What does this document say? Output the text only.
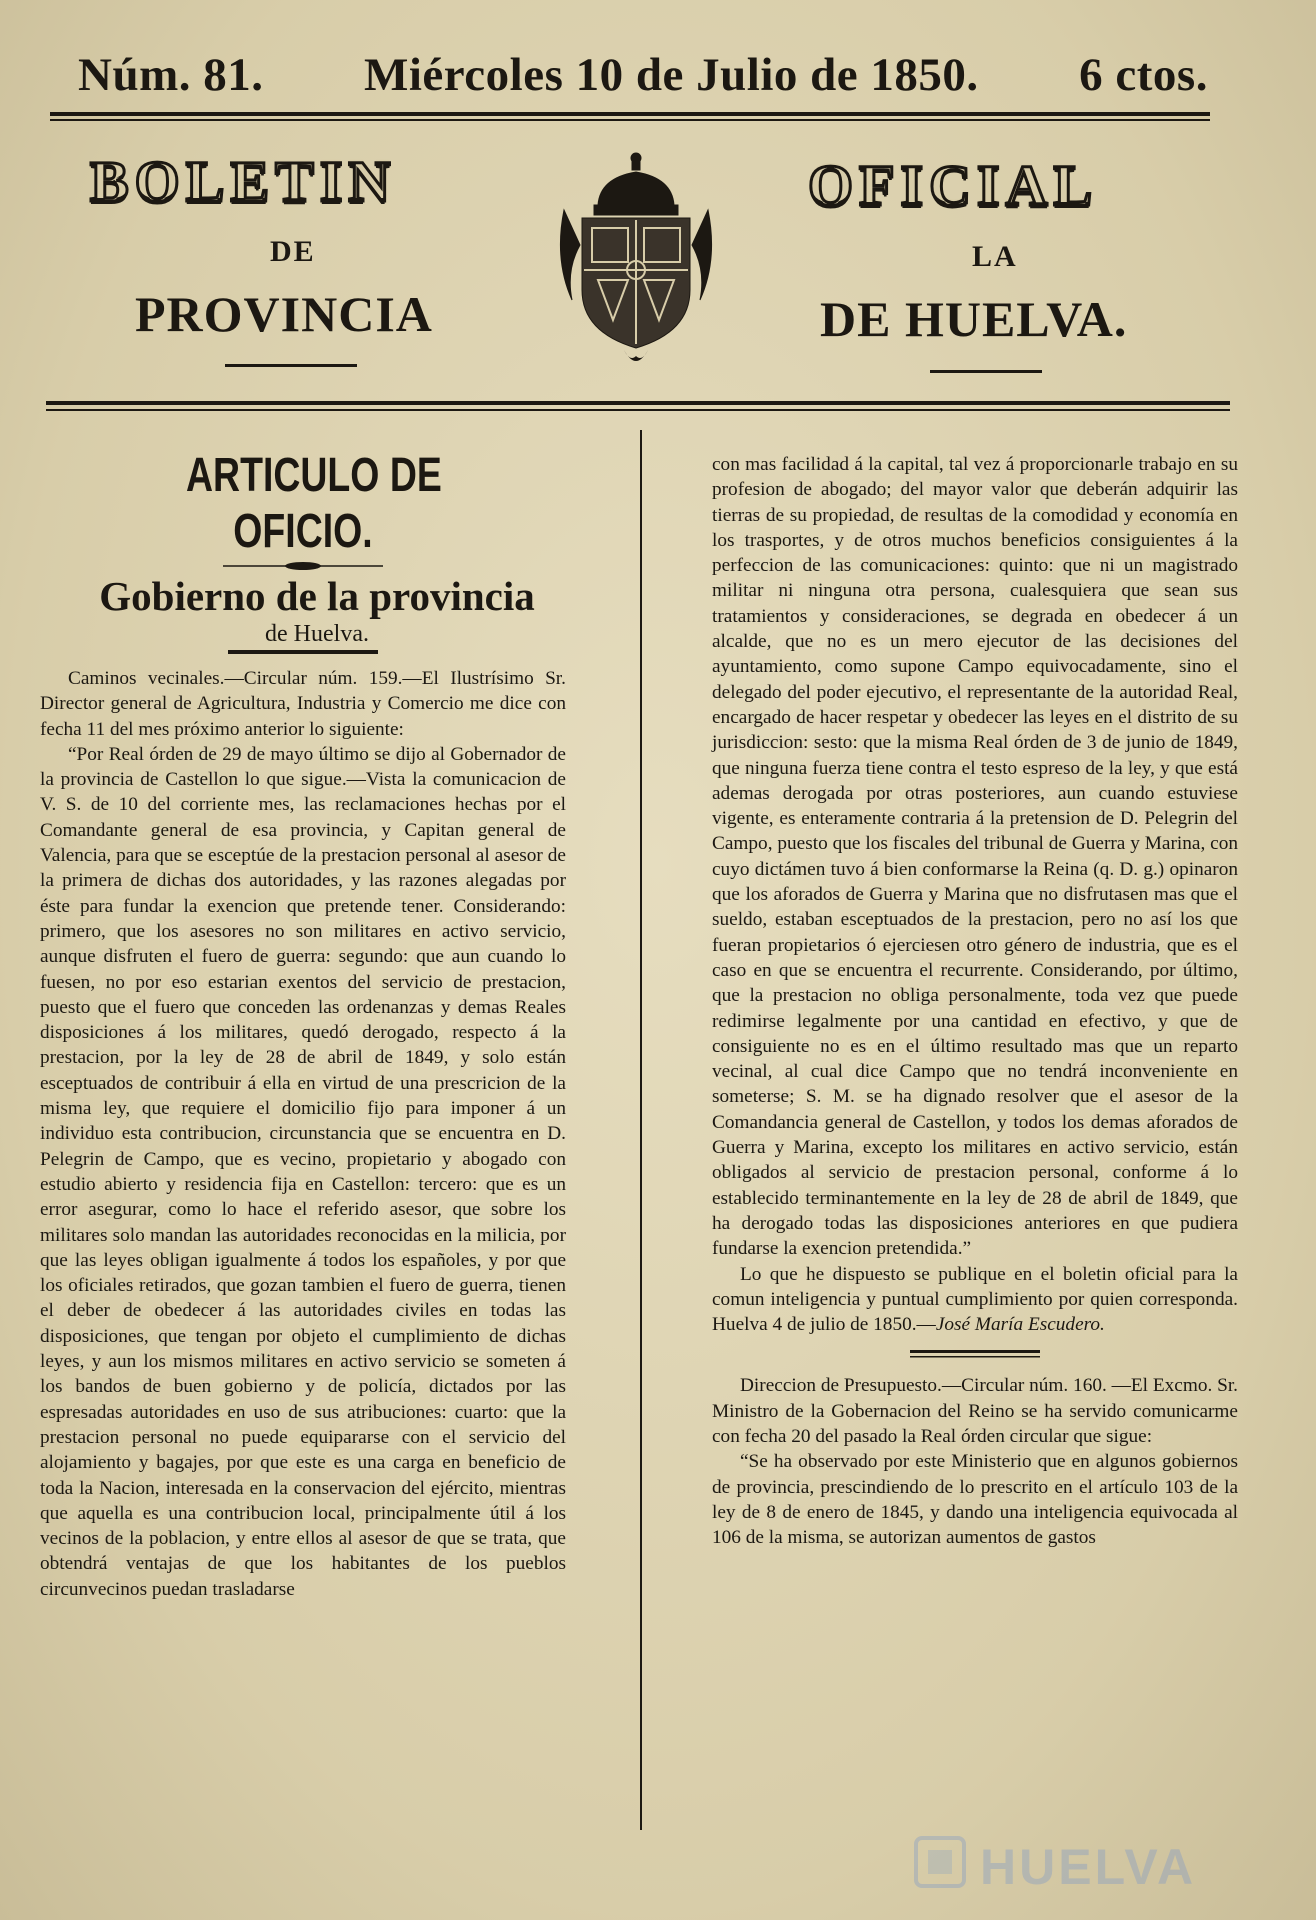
Núm. 81. Miércoles 10 de Julio de 1850. 6 ctos.
BOLETIN
DE
PROVINCIA
OFICIAL
LA
DE HUELVA.

ARTICULO DE OFICIO.

Gobierno de la provincia

de Huelva.

Caminos vecinales.—Circular núm. 159.—El Ilustrísimo Sr. Director general de Agricultura, Industria y Comercio me dice con fecha 11 del mes próximo anterior lo siguiente:

“Por Real órden de 29 de mayo último se dijo al Gobernador de la provincia de Castellon lo que sigue.—Vista la comunicacion de V. S. de 10 del corriente mes, las reclamaciones hechas por el Comandante general de esa provincia, y Capitan general de Valencia, para que se esceptúe de la prestacion personal al asesor de la primera de dichas dos autoridades, y las razones alegadas por éste para fundar la exencion que pretende tener. Considerando: primero, que los asesores no son militares en activo servicio, aunque disfruten el fuero de guerra: segundo: que aun cuando lo fuesen, no por eso estarian exentos del servicio de prestacion, puesto que el fuero que conceden las ordenanzas y demas Reales disposiciones á los militares, quedó derogado, respecto á la prestacion, por la ley de 28 de abril de 1849, y solo están esceptuados de contribuir á ella en virtud de una prescricion de la misma ley, que requiere el domicilio fijo para imponer á un individuo esta contribucion, circunstancia que se encuentra en D. Pelegrin de Campo, que es vecino, propietario y abogado con estudio abierto y residencia fija en Castellon: tercero: que es un error asegurar, como lo hace el referido asesor, que sobre los militares solo mandan las autoridades reconocidas en la milicia, por que las leyes obligan igualmente á todos los españoles, y por que los oficiales retirados, que gozan tambien el fuero de guerra, tienen el deber de obedecer á las autoridades civiles en todas las disposiciones, que tengan por objeto el cumplimiento de dichas leyes, y aun los mismos militares en activo servicio se someten á los bandos de buen gobierno y de policía, dictados por las espresadas autoridades en uso de sus atribuciones: cuarto: que la prestacion personal no puede equipararse con el servicio del alojamiento y bagajes, por que este es una carga en beneficio de toda la Nacion, interesada en la conservacion del ejército, mientras que aquella es una contribucion local, principalmente útil á los vecinos de la poblacion, y entre ellos al asesor de que se trata, que obtendrá ventajas de que los habitantes de los pueblos circunvecinos puedan trasladarse

con mas facilidad á la capital, tal vez á proporcionarle trabajo en su profesion de abogado; del mayor valor que deberán adquirir las tierras de su propiedad, de resultas de la comodidad y economía en los trasportes, y de otros muchos beneficios consiguientes á la perfeccion de las comunicaciones: quinto: que ni un magistrado militar ni ninguna otra persona, cualesquiera que sean sus tratamientos y consideraciones, se degrada en obedecer á un alcalde, que no es un mero ejecutor de las decisiones del ayuntamiento, como supone Campo equivocadamente, sino el delegado del poder ejecutivo, el representante de la autoridad Real, encargado de hacer respetar y obedecer las leyes en el distrito de su jurisdiccion: sesto: que la misma Real órden de 3 de junio de 1849, que ninguna fuerza tiene contra el testo espreso de la ley, y que está ademas derogada por otras posteriores, aun cuando estuviese vigente, es enteramente contraria á la pretension de D. Pelegrin del Campo, puesto que los fiscales del tribunal de Guerra y Marina, con cuyo dictámen tuvo á bien conformarse la Reina (q. D. g.) opinaron que los aforados de Guerra y Marina que no disfrutasen mas que el sueldo, estaban esceptuados de la prestacion, pero no así los que fueran propietarios ó ejerciesen otro género de industria, que es el caso en que se encuentra el recurrente. Considerando, por último, que la prestacion no obliga personalmente, toda vez que puede redimirse legalmente por una cantidad en efectivo, y que de consiguiente no es en el último resultado mas que un reparto vecinal, al cual dice Campo que no tendrá inconveniente en someterse; S. M. se ha dignado resolver que el asesor de la Comandancia general de Castellon, y todos los demas aforados de Guerra y Marina, excepto los militares en activo servicio, están obligados al servicio de prestacion personal, conforme á lo establecido terminantemente en la ley de 28 de abril de 1849, que ha derogado todas las disposiciones anteriores en que pudiera fundarse la exencion pretendida.”

Lo que he dispuesto se publique en el boletin oficial para la comun inteligencia y puntual cumplimiento por quien corresponda. Huelva 4 de julio de 1850.—José María Escudero.

Direccion de Presupuesto.—Circular núm. 160. —El Excmo. Sr. Ministro de la Gobernacion del Reino se ha servido comunicarme con fecha 20 del pasado la Real órden circular que sigue:

“Se ha observado por este Ministerio que en algunos gobiernos de provincia, prescindiendo de lo prescrito en el artículo 103 de la ley de 8 de enero de 1845, y dando una inteligencia equivocada al 106 de la misma, se autorizan aumentos de gastos

HUELVA
